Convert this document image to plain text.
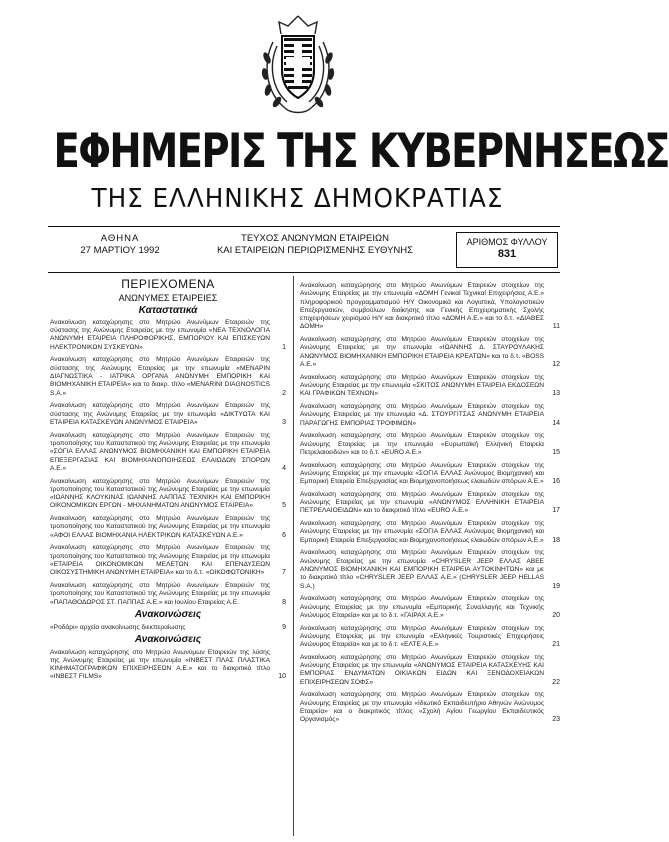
ΕΦΗΜΕΡΙΣ ΤΗΣ ΚΥΒΕΡΝΗΣΕΩΣ
ΤΗΣ ΕΛΛΗΝΙΚΗΣ ΔΗΜΟΚΡΑΤΙΑΣ
ΑΘΗΝΑ
27 ΜΑΡΤΙΟΥ 1992
ΤΕΥΧΟΣ ΑΝΩΝΥΜΩΝ ΕΤΑΙΡΕΙΩΝ
ΚΑΙ ΕΤΑΙΡΕΙΩΝ ΠΕΡΙΩΡΙΣΜΕΝΗΣ ΕΥΘΥΝΗΣ
ΑΡΙΘΜΟΣ ΦΥΛΛΟΥ
831
ΠΕΡΙΕΧΟΜΕΝΑ
ΑΝΩΝΥΜΕΣ ΕΤΑΙΡΕΙΕΣ
Καταστατικά
Ανακοίνωση καταχώρησης στο Μητρώο Ανωνύμων Εταιρειών της σύστασης της Ανώνυμης Εταιρείας με την επωνυμία «ΝΕΑ ΤΕΧΝΟΛΟΓΙΑ ΑΝΩΝΥΜΗ ΕΤΑΙΡΕΙΑ ΠΛΗΡΟΦΟΡΙΚΗΣ, ΕΜΠΟΡΙΟΥ ΚΑΙ ΕΠΙΣΚΕΥΩΝ ΗΛΕΚΤΡΟΝΙΚΩΝ ΣΥΣΚΕΥΩΝ»	1
Ανακοίνωση καταχώρησης στο Μητρώο Ανωνύμων Εταιρειών της σύστασης της Ανώνυμης Εταιρείας με την επωνυμία «ΜΕΝΑΡΙΝ ΔΙΑΓΝΩΣΤΙΚΑ - ΙΑΤΡΙΚΑ ΟΡΓΑΝΑ ΑΝΩΝΥΜΗ ΕΜΠΟΡΙΚΗ ΚΑΙ ΒΙΟΜΗΧΑΝΙΚΗ ΕΤΑΙΡΕΙΑ» και το διακρ. τίτλο «MENARINI DIAGNOSTICS S.A.»	2
Ανακοίνωση καταχώρησης στο Μητρώο Ανωνύμων Εταιρειών της σύστασης της Ανώνυμης Εταιρείας με την επωνυμία «ΔΙΚΤΥΩΤΑ ΚΑΙ ΕΤΑΙΡΕΙΑ ΚΑΤΑΣΚΕΥΩΝ ΑΝΩΝΥΜΟΣ ΕΤΑΙΡΕΙΑ»	3
Ανακοίνωση καταχώρησης στο Μητρώο Ανωνύμων Εταιρειών της τροποποίησης του Καταστατικού της Ανώνυμης Εταιρείας με την επωνυμία «ΣΟΓΙΑ ΕΛΛΑΣ ΑΝΩΝΥΜΟΣ ΒΙΟΜΗΧΑΝΙΚΗ ΚΑΙ ΕΜΠΟΡΙΚΗ ΕΤΑΙΡΕΙΑ ΕΠΕΞΕΡΓΑΣΙΑΣ ΚΑΙ ΒΙΟΜΗΧΑΝΟΠΟΙΗΣΕΩΣ ΕΛΑΙΩΔΩΝ ΣΠΟΡΩΝ Α.Ε.»	4
Ανακοίνωση καταχώρησης στο Μητρώο Ανωνύμων Εταιρειών της τροποποίησης του Καταστατικού της Ανώνυμης Εταιρείας με την επωνυμία «ΙΩΑΝΝΗΣ ΚΛΟΥΚΙΝΑΣ ΙΩΑΝΝΗΣ ΛΑΠΠΑΣ ΤΕΧΝΙΚΗ ΚΑΙ ΕΜΠΟΡΙΚΗ ΟΙΚΟΝΟΜΙΚΩΝ ΕΡΓΩΝ - ΜΗΧΑΝΗΜΑΤΩΝ ΑΝΩΝΥΜΟΣ ΕΤΑΙΡΕΙΑ»	5
Ανακοίνωση καταχώρησης στο Μητρώο Ανωνύμων Εταιρειών της τροποποίησης του Καταστατικού της Ανώνυμης Εταιρείας με την επωνυμία «ΑΦΟΙ ΕΛΛΑΣ ΒΙΟΜΗΧΑΝΙΑ ΗΛΕΚΤΡΙΚΩΝ ΚΑΤΑΣΚΕΥΩΝ Α.Ε.»	6
Ανακοίνωση καταχώρησης στο Μητρώο Ανωνύμων Εταιρειών της τροποποίησης του Καταστατικού της Ανώνυμης Εταιρείας με την επωνυμία «ΕΤΑΙΡΕΙΑ ΟΙΚΟΝΟΜΙΚΩΝ ΜΕΛΕΤΩΝ ΚΑΙ ΕΠΕΝΔΥΣΕΩΝ ΟΙΚΟΣΥΣΤΗΜΙΚΗ ΑΝΩΝΥΜΗ ΕΤΑΙΡΕΙΑ» και το δ.τ. «ΟΙΚΟΦΩΤΟΝΙΚΗ»	7
Ανακοίνωση καταχώρησης στο Μητρώο Ανωνύμων Εταιρειών της τροποποίησης του Καταστατικού της Ανώνυμης Εταιρείας με την επωνυμία «ΠΑΠΑΘΟΔΩΡΟΣ ΣΤ. ΠΑΠΠΑΣ Α.Ε.» και Ιουλίου Εταιρείας Α.Ε.	8
Ανακοινώσεις
«Ροδάρι» αρχεία ανακοίνωσης διεκπεραίωσης	9
Ανακοινώσεις
Ανακοίνωση καταχώρησης στο Μητρώο Ανωνύμων Εταιρειών της λύσης της Ανώνυμης Εταιρείας με την επωνυμία «ΙΝΒΕΣΤ ΠΛΑΣ ΠΛΑΣΤΙΚΑ ΚΙΝΗΜΑΤΟΓΡΑΦΙΚΩΝ ΕΠΙΧΕΙΡΗΣΕΩΝ Α.Ε.» και το διακριτικό τίτλο «ΙΝΒΕΣΤ FILMS»	10
Ανακοίνωση καταχώρησης στο Μητρώο Ανωνύμων Εταιρειών στοιχείων της Ανώνυμης Εταιρείας με την επωνυμία «ΔΟΜΗ Γενικαί Τεχνικαί Επιχειρήσεις Α.Ε.» πληροφορικού προγραμματισμού Η/Υ Οικονομικά και Λογιστικά, Υπολογιστικών Επεξεργασιών, συμβούλων διοίκησης και Γενικής Επιχειρηματικής Σχολής επιχειρήσεων χειρισμού Η/Υ και διακριτικό τίτλο «ΔΟΜΗ Α.Ε.» και το δ.τ. «ΔΙΑΘΕΣ ΔΟΜΗ»	11
Ανακοίνωση καταχώρησης στο Μητρώο Ανωνύμων Εταιρειών στοιχείων της Ανώνυμης Εταιρείας με την επωνυμία «ΙΩΑΝΝΗΣ Δ. ΣΤΑΥΡΟΥΛΑΚΗΣ ΑΝΩΝΥΜΟΣ ΒΙΟΜΗΧΑΝΙΚΗ ΕΜΠΟΡΙΚΗ ΕΤΑΙΡΕΙΑ ΚΡΕΑΤΩΝ» και το δ.τ. «BOSS A.E.»	12
Ανακοίνωση καταχώρησης στο Μητρώο Ανωνύμων Εταιρειών στοιχείων της Ανώνυμης Εταιρείας με την επωνυμία «ΣΚΙΤΟΣ ΑΝΩΝΥΜΗ ΕΤΑΙΡΕΙΑ ΕΚΔΟΣΕΩΝ ΚΑΙ ΓΡΑΦΙΚΩΝ ΤΕΧΝΩΝ»	13
Ανακοίνωση καταχώρησης στο Μητρώο Ανωνύμων Εταιρειών στοιχείων της Ανώνυμης Εταιρείας με την επωνυμία «Δ. ΣΤΟΥΡΓΙΤΣΑΣ ΑΝΩΝΥΜΗ ΕΤΑΙΡΕΙΑ ΠΑΡΑΓΩΓΗΣ ΕΜΠΟΡΙΑΣ ΤΡΟΦΙΜΩΝ»	14
Ανακοίνωση καταχώρησης στο Μητρώο Ανωνύμων Εταιρειών στοιχείων της Ανώνυμης Εταιρείας με την επωνυμία «Ευρωπαϊκή Ελληνική Εταιρεία Πετρελαιοειδών» και το δ.τ. «EURO A.E.»	15
Ανακοίνωση καταχώρησης στο Μητρώο Ανωνύμων Εταιρειών στοιχείων της Ανώνυμης Εταιρείας με την επωνυμία «ΣΟΓΙΑ ΕΛΛΑΣ Ανώνυμος Βιομηχανική και Εμπορική Εταιρεία Επεξεργασίας και Βιομηχανοποιήσεως ελαιωδών σπόρων Α.Ε.» 16
Ανακοίνωση καταχώρησης στο Μητρώο Ανωνύμων Εταιρειών στοιχείων της Ανώνυμης Εταιρείας με την επωνυμία «ΑΝΩΝΥΜΟΣ ΕΛΛΗΝΙΚΗ ΕΤΑΙΡΕΙΑ ΠΕΤΡΕΛΑΙΟΕΙΔΩΝ» και το διακριτικό τίτλο «EURO Α.Ε.»	17
Ανακοίνωση καταχώρησης στο Μητρώο Ανωνύμων Εταιρειών στοιχείων της Ανώνυμης Εταιρείας με την επωνυμία «ΣΟΓΙΑ ΕΛΛΑΣ Ανώνυμος Βιομηχανική και Εμπορική Εταιρεία Επεξεργασίας και Βιομηχανοποιήσεως ελαιωδών σπόρων Α.Ε.» 18
Ανακοίνωση καταχώρησης στο Μητρώο Ανωνύμων Εταιρειών στοιχείων της Ανώνυμης Εταιρείας με την επωνυμία «CHRYSLER JEEP ΕΛΛΑΣ ΑΒΕΕ ΑΝΩΝΥΜΟΣ ΒΙΟΜΗΧΑΝΙΚΗ ΚΑΙ ΕΜΠΟΡΙΚΗ ΕΤΑΙΡΕΙΑ ΑΥΤΟΚΙΝΗΤΩΝ» και με το διακριτικό τίτλο «CHRYSLER JEEP ΕΛΛΑΣ Α.Ε.» (CHRYSLER JEEP HELLAS S.A.)	19
Ανακοίνωση καταχώρησης στο Μητρώο Ανωνύμων Εταιρειών στοιχείων της Ανώνυμης Εταιρείας με την επωνυμία «Εμπορικής Συναλλαγής και Τεχνικής Ανώνυμος Εταιρεία» και με το δ.τ. «ΓΑΙΡΑΧ Α.Ε.»	20
Ανακοίνωση καταχώρησης στο Μητρώο Ανωνύμων Εταιρειών στοιχείων της Ανώνυμης Εταιρείας με την επωνυμία «Ελληνικές Τουριστικές Επιχειρήσεις Ανώνυμος Εταιρεία» και με το δ.τ. «ΕΛΤΕ Α.Ε.»	21
Ανακοίνωση καταχώρησης στο Μητρώο Ανωνύμων Εταιρειών στοιχείων της Ανώνυμης Εταιρείας με την επωνυμία «ΑΝΩΝΥΜΟΣ ΕΤΑΙΡΕΙΑ ΚΑΤΑΣΚΕΥΗΣ ΚΑΙ ΕΜΠΟΡΙΑΣ ΕΝΔΥΜΑΤΩΝ ΟΙΚΙΑΚΩΝ ΕΙΔΩΝ ΚΑΙ ΞΕΝΟΔΟΧΕΙΑΚΩΝ ΕΠΙΧΕΙΡΗΣΕΩΝ ΣΟΦΣ»	22
Ανακοίνωση καταχώρησης στο Μητρώο Ανωνύμων Εταιρειών στοιχείων της Ανώνυμης Εταιρείας με την επωνυμία «Ιδιωτικό Εκπαιδευτήριο Αθηνών Ανώνυμος Εταιρεία» και ο διακριτικός τίτλος «Σχολή Αγίου Γεωργίου Εκπαιδευτικός Οργανισμός»	23
